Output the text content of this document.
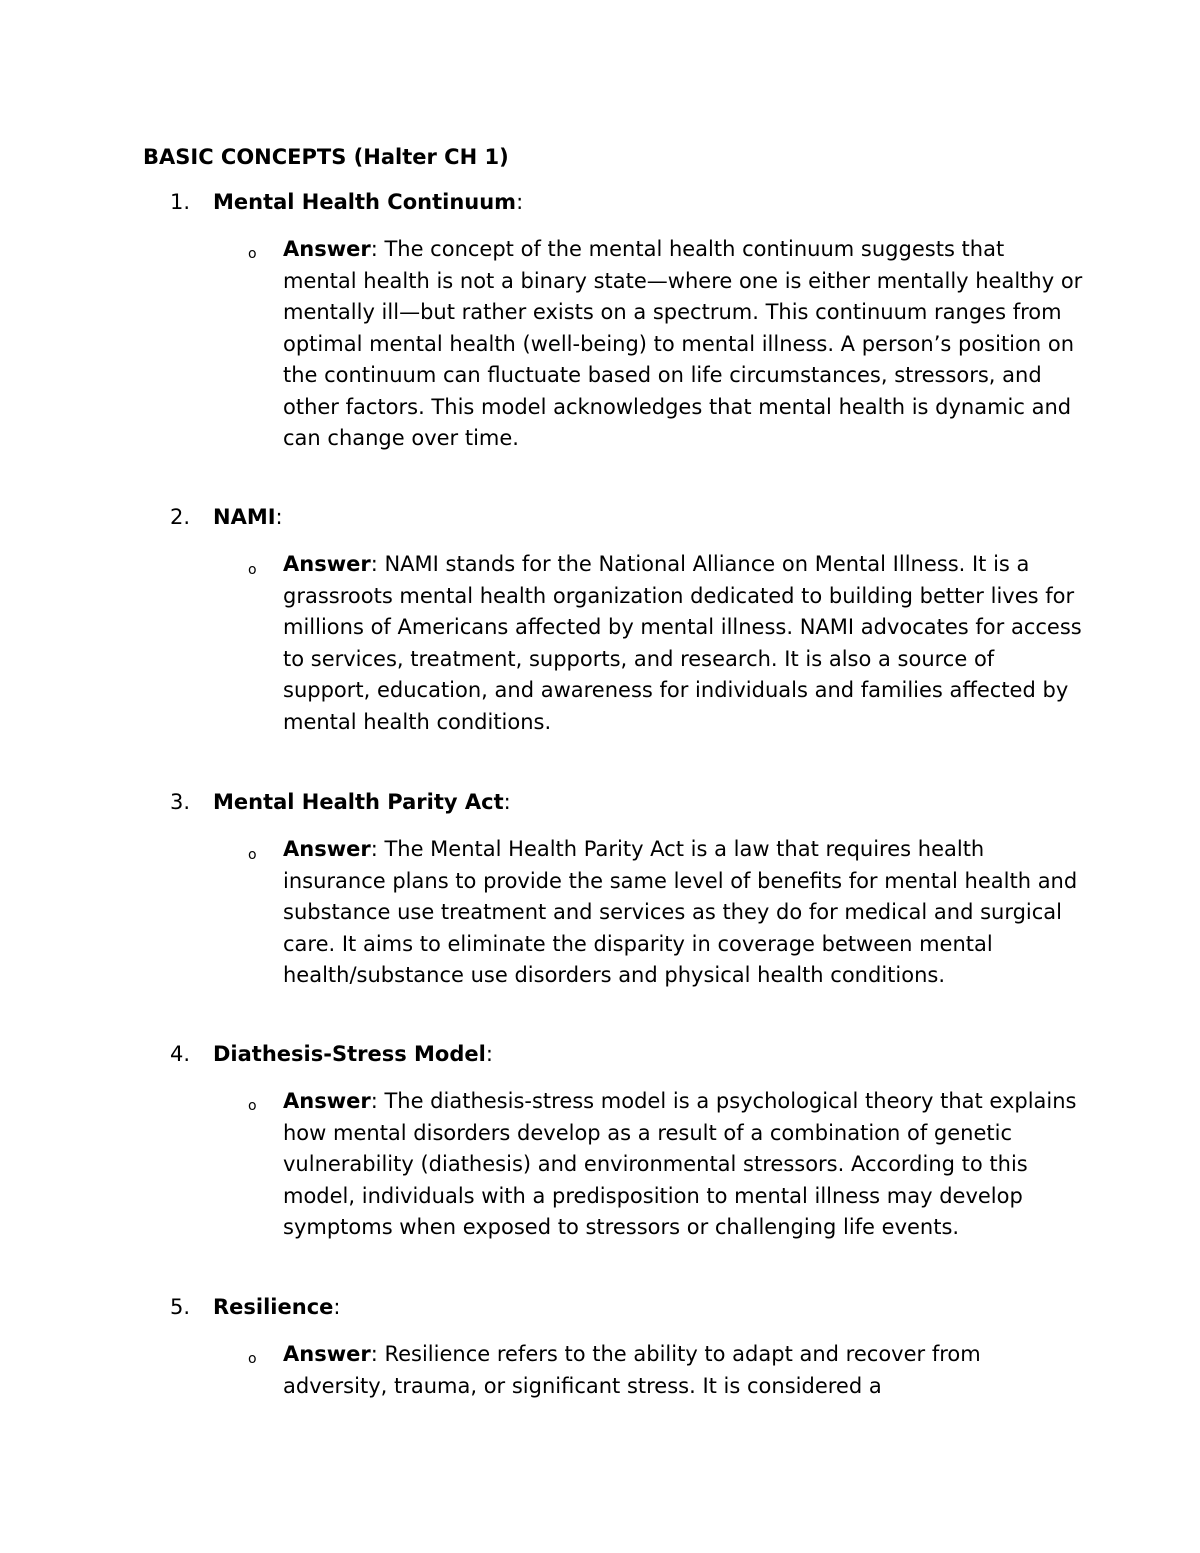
BASIC CONCEPTS (Halter CH 1)
1. Mental Health Continuum:
o Answer: The concept of the mental health continuum suggests that mental health is not a binary state—where one is either mentally healthy or mentally ill—but rather exists on a spectrum. This continuum ranges from optimal mental health (well-being) to mental illness. A person’s position on the continuum can fluctuate based on life circumstances, stressors, and other factors. This model acknowledges that mental health is dynamic and can change over time.
2. NAMI:
o Answer: NAMI stands for the National Alliance on Mental Illness. It is a grassroots mental health organization dedicated to building better lives for millions of Americans affected by mental illness. NAMI advocates for access to services, treatment, supports, and research. It is also a source of support, education, and awareness for individuals and families affected by mental health conditions.
3. Mental Health Parity Act:
o Answer: The Mental Health Parity Act is a law that requires health insurance plans to provide the same level of benefits for mental health and substance use treatment and services as they do for medical and surgical care. It aims to eliminate the disparity in coverage between mental health/substance use disorders and physical health conditions.
4. Diathesis-Stress Model:
o Answer: The diathesis-stress model is a psychological theory that explains how mental disorders develop as a result of a combination of genetic vulnerability (diathesis) and environmental stressors. According to this model, individuals with a predisposition to mental illness may develop symptoms when exposed to stressors or challenging life events.
5. Resilience:
o Answer: Resilience refers to the ability to adapt and recover from adversity, trauma, or significant stress. It is considered a
